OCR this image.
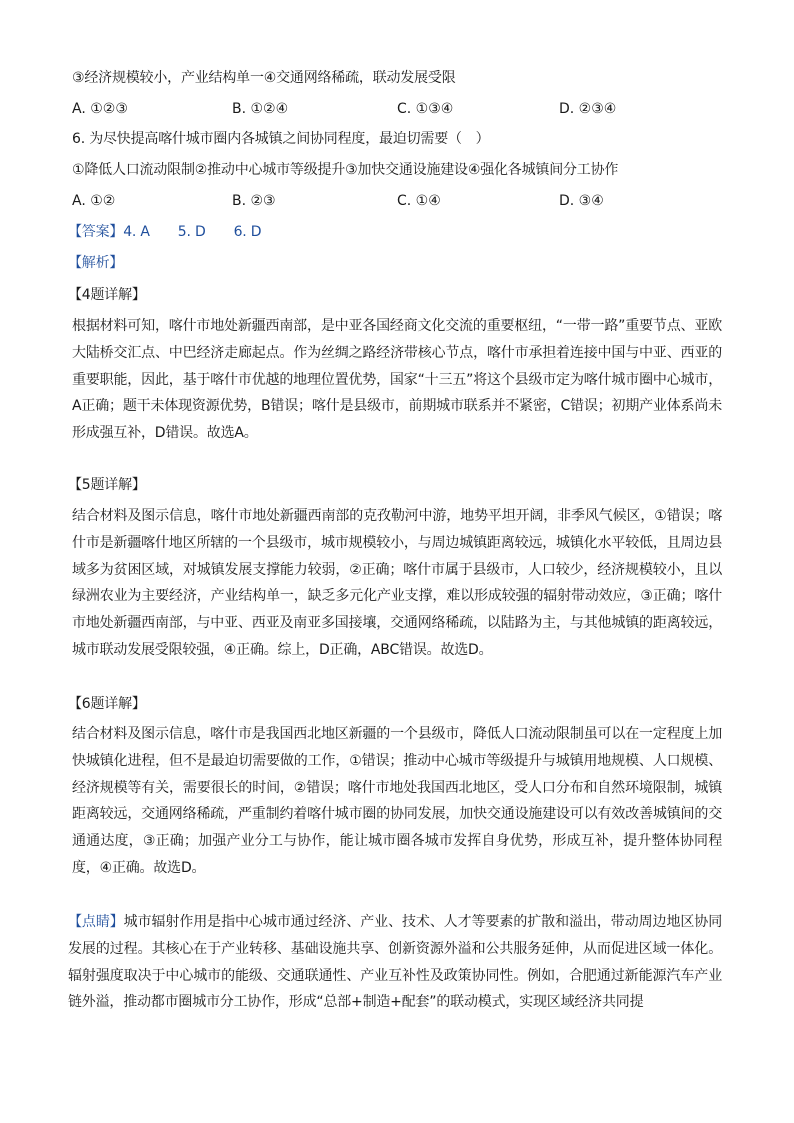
③经济规模较小，产业结构单一④交通网络稀疏，联动发展受限
A. ①②③	B. ①②④	C. ①③④	D. ②③④
6. 为尽快提高喀什城市圈内各城镇之间协同程度，最迫切需要（　）
①降低人口流动限制②推动中心城市等级提升③加快交通设施建设④强化各城镇间分工协作
A. ①②	B. ②③	C. ①④	D. ③④
【答案】4. A 5. D 6. D
【解析】
【4题详解】
根据材料可知，喀什市地处新疆西南部，是中亚各国经商文化交流的重要枢纽，“一带一路”重要节点、亚欧大陆桥交汇点、中巴经济走廊起点。作为丝绸之路经济带核心节点，喀什市承担着连接中国与中亚、西亚的重要职能，因此，基于喀什市优越的地理位置优势，国家“十三五”将这个县级市定为喀什城市圈中心城市，A正确；题干未体现资源优势，B错误；喀什是县级市，前期城市联系并不紧密，C错误；初期产业体系尚未形成强互补，D错误。故选A。
【5题详解】
结合材料及图示信息，喀什市地处新疆西南部的克孜勒河中游，地势平坦开阔，非季风气候区，①错误；喀什市是新疆喀什地区所辖的一个县级市，城市规模较小，与周边城镇距离较远，城镇化水平较低，且周边县域多为贫困区域，对城镇发展支撑能力较弱，②正确；喀什市属于县级市，人口较少，经济规模较小，且以绿洲农业为主要经济，产业结构单一，缺乏多元化产业支撑，难以形成较强的辐射带动效应，③正确；喀什市地处新疆西南部，与中亚、西亚及南亚多国接壤，交通网络稀疏，以陆路为主，与其他城镇的距离较远，城市联动发展受限较强，④正确。综上，D正确，ABC错误。故选D。
【6题详解】
结合材料及图示信息，喀什市是我国西北地区新疆的一个县级市，降低人口流动限制虽可以在一定程度上加快城镇化进程，但不是最迫切需要做的工作，①错误；推动中心城市等级提升与城镇用地规模、人口规模、经济规模等有关，需要很长的时间，②错误；喀什市地处我国西北地区，受人口分布和自然环境限制，城镇距离较远，交通网络稀疏，严重制约着喀什城市圈的协同发展，加快交通设施建设可以有效改善城镇间的交通通达度，③正确；加强产业分工与协作，能让城市圈各城市发挥自身优势，形成互补，提升整体协同程度，④正确。故选D。
【点睛】城市辐射作用是指中心城市通过经济、产业、技术、人才等要素的扩散和溢出，带动周边地区协同发展的过程。其核心在于产业转移、基础设施共享、创新资源外溢和公共服务延伸，从而促进区域一体化。辐射强度取决于中心城市的能级、交通联通性、产业互补性及政策协同性。例如，合肥通过新能源汽车产业链外溢，推动都市圈城市分工协作，形成“总部+制造+配套”的联动模式，实现区域经济共同提
